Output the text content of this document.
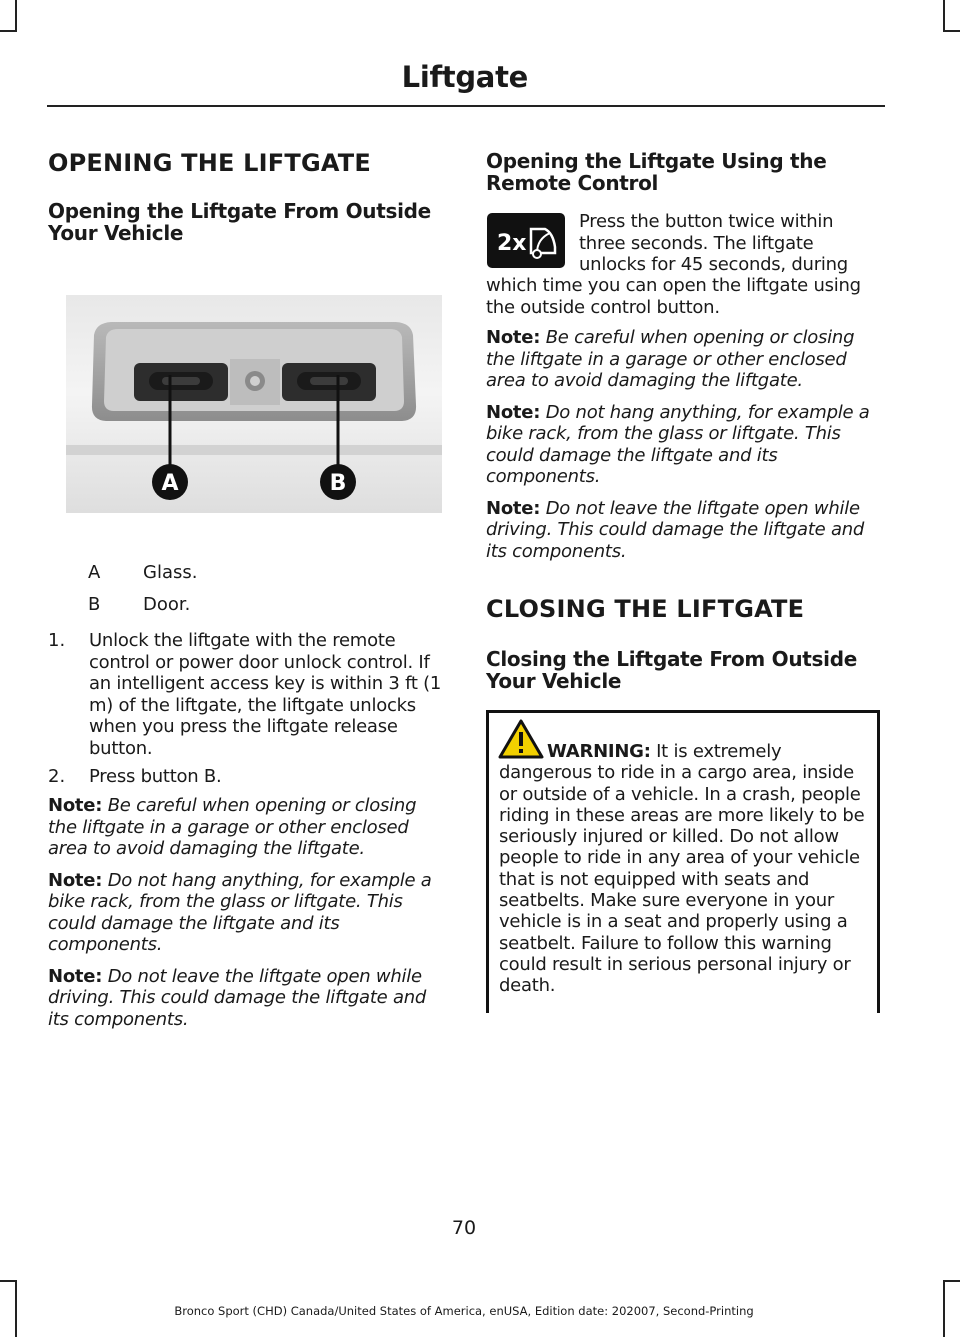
Liftgate
OPENING THE LIFTGATE
Opening the Liftgate From Outside Your Vehicle
A	B
A Glass.
B Door.
1. Unlock the liftgate with the remote control or power door unlock control. If an intelligent access key is within 3 ft (1 m) of the liftgate, the liftgate unlocks when you press the liftgate release button.

2. Press button B.

Note: Be careful when opening or closing the liftgate in a garage or other enclosed area to avoid damaging the liftgate.

Note: Do not hang anything, for example a bike rack, from the glass or liftgate. This could damage the liftgate and its components.

Note: Do not leave the liftgate open while driving. This could damage the liftgate and its components.

Opening the Liftgate Using the Remote Control
2x

Press the button twice within three seconds. The liftgate unlocks for 45 seconds, during

which time you can open the liftgate using the outside control button.

Note: Be careful when opening or closing the liftgate in a garage or other enclosed area to avoid damaging the liftgate.

Note: Do not hang anything, for example a bike rack, from the glass or liftgate. This could damage the liftgate and its components.

Note: Do not leave the liftgate open while driving. This could damage the liftgate and its components.

CLOSING THE LIFTGATE
Closing the Liftgate From Outside Your Vehicle

WARNING: It is extremely dangerous to ride in a cargo area, inside or outside of a vehicle. In a crash, people riding in these areas are more likely to be seriously injured or killed. Do not allow people to ride in any area of your vehicle that is not equipped with seats and seatbelts. Make sure everyone in your vehicle is in a seat and properly using a seatbelt. Failure to follow this warning could result in serious personal injury or death.

70
Bronco Sport (CHD) Canada/United States of America, enUSA, Edition date: 202007, Second-Printing
